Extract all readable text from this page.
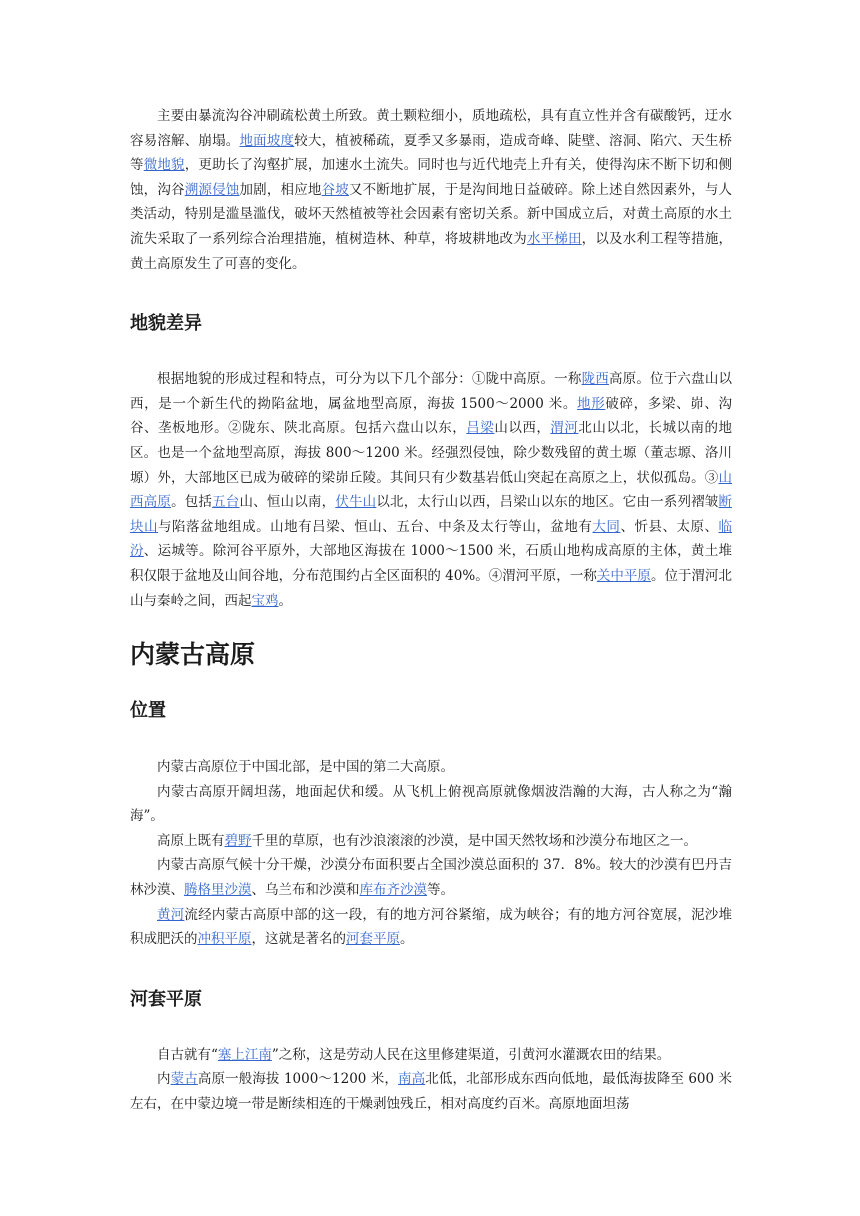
主要由暴流沟谷冲刷疏松黄土所致。黄土颗粒细小，质地疏松，具有直立性并含有碳酸钙，迂水容易溶解、崩塌。地面坡度较大，植被稀疏，夏季又多暴雨，造成奇峰、陡壁、溶洞、陷穴、天生桥等微地貌，更助长了沟壑扩展，加速水土流失。同时也与近代地壳上升有关，使得沟床不断下切和侧蚀，沟谷溯源侵蚀加剧，相应地谷坡又不断地扩展，于是沟间地日益破碎。除上述自然因素外，与人类活动，特别是滥垦滥伐，破坏天然植被等社会因素有密切关系。新中国成立后，对黄土高原的水土流失采取了一系列综合治理措施，植树造林、种草，将坡耕地改为水平梯田，以及水利工程等措施，黄土高原发生了可喜的变化。

地貌差异

根据地貌的形成过程和特点，可分为以下几个部分：①陇中高原。一称陇西高原。位于六盘山以西，是一个新生代的拗陷盆地，属盆地型高原，海拔 1500～2000 米。地形破碎，多梁、峁、沟谷、垄板地形。②陇东、陕北高原。包括六盘山以东，吕梁山以西，渭河北山以北，长城以南的地区。也是一个盆地型高原，海拔 800～1200 米。经强烈侵蚀，除少数残留的黄土塬（董志塬、洛川塬）外，大部地区已成为破碎的梁峁丘陵。其间只有少数基岩低山突起在高原之上，状似孤岛。③山西高原。包括五台山、恒山以南，伏牛山以北，太行山以西，吕梁山以东的地区。它由一系列褶皱断块山与陷落盆地组成。山地有吕梁、恒山、五台、中条及太行等山，盆地有大同、忻县、太原、临汾、运城等。除河谷平原外，大部地区海拔在 1000～1500 米，石质山地构成高原的主体，黄土堆积仅限于盆地及山间谷地，分布范围约占全区面积的 40%。④渭河平原，一称关中平原。位于渭河北山与秦岭之间，西起宝鸡。

内蒙古高原
位置

内蒙古高原位于中国北部，是中国的第二大高原。

内蒙古高原开阔坦荡，地面起伏和缓。从飞机上俯视高原就像烟波浩瀚的大海，古人称之为“瀚海”。

高原上既有碧野千里的草原，也有沙浪滚滚的沙漠，是中国天然牧场和沙漠分布地区之一。

内蒙古高原气候十分干燥，沙漠分布面积要占全国沙漠总面积的 37．8%。较大的沙漠有巴丹吉林沙漠、腾格里沙漠、乌兰布和沙漠和库布齐沙漠等。

黄河流经内蒙古高原中部的这一段，有的地方河谷紧缩，成为峡谷；有的地方河谷宽展，泥沙堆积成肥沃的冲积平原，这就是著名的河套平原。

河套平原

自古就有“塞上江南”之称，这是劳动人民在这里修建渠道，引黄河水灌溉农田的结果。

内蒙古高原一般海拔 1000～1200 米，南高北低，北部形成东西向低地，最低海拔降至 600 米左右，在中蒙边境一带是断续相连的干燥剥蚀残丘，相对高度约百米。高原地面坦荡
